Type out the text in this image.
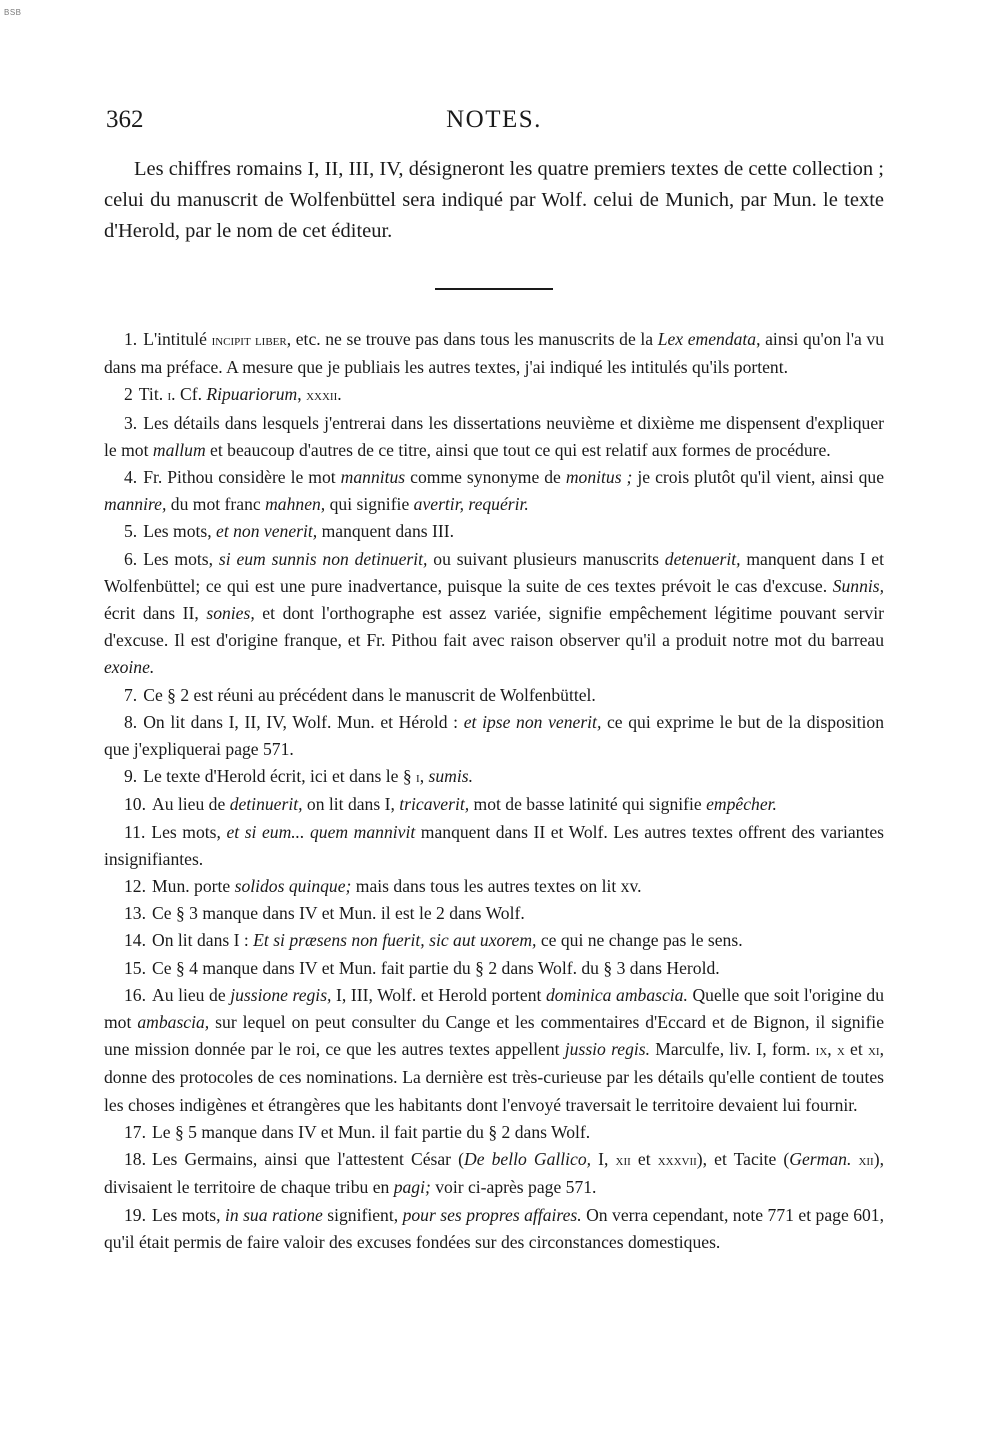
BSB
362	NOTES.

Les chiffres romains I, II, III, IV, désigneront les quatre premiers textes de cette collection ; celui du manuscrit de Wolfenbüttel sera indiqué par Wolf. celui de Munich, par Mun. le texte d'Herold, par le nom de cet éditeur.

1. L'intitulé incipit liber, etc. ne se trouve pas dans tous les manuscrits de la Lex emendata, ainsi qu'on l'a vu dans ma préface. A mesure que je publiais les autres textes, j'ai indiqué les intitulés qu'ils portent.
2 Tit. i. Cf. Ripuariorum, xxxii.
3. Les détails dans lesquels j'entrerai dans les dissertations neuvième et dixième me dispensent d'expliquer le mot mallum et beaucoup d'autres de ce titre, ainsi que tout ce qui est relatif aux formes de procédure.
4. Fr. Pithou considère le mot mannitus comme synonyme de monitus ; je crois plutôt qu'il vient, ainsi que mannire, du mot franc mahnen, qui signifie avertir, requérir.
5. Les mots, et non venerit, manquent dans III.
6. Les mots, si eum sunnis non detinuerit, ou suivant plusieurs manuscrits detenuerit, manquent dans I et Wolfenbüttel; ce qui est une pure inadvertance, puisque la suite de ces textes prévoit le cas d'excuse. Sunnis, écrit dans II, sonies, et dont l'orthographe est assez variée, signifie empêchement légitime pouvant servir d'excuse. Il est d'origine franque, et Fr. Pithou fait avec raison observer qu'il a produit notre mot du barreau exoine.
7. Ce § 2 est réuni au précédent dans le manuscrit de Wolfenbüttel.
8. On lit dans I, II, IV, Wolf. Mun. et Hérold : et ipse non venerit, ce qui exprime le but de la disposition que j'expliquerai page 571.
9. Le texte d'Herold écrit, ici et dans le § i, sumis.
10. Au lieu de detinuerit, on lit dans I, tricaverit, mot de basse latinité qui signifie empêcher.
11. Les mots, et si eum... quem mannivit manquent dans II et Wolf. Les autres textes offrent des variantes insignifiantes.
12. Mun. porte solidos quinque; mais dans tous les autres textes on lit xv.
13. Ce § 3 manque dans IV et Mun. il est le 2 dans Wolf.
14. On lit dans I : Et si præsens non fuerit, sic aut uxorem, ce qui ne change pas le sens.
15. Ce § 4 manque dans IV et Mun. fait partie du § 2 dans Wolf. du § 3 dans Herold.
16. Au lieu de jussione regis, I, III, Wolf. et Herold portent dominica ambascia. Quelle que soit l'origine du mot ambascia, sur lequel on peut consulter du Cange et les commentaires d'Eccard et de Bignon, il signifie une mission donnée par le roi, ce que les autres textes appellent jussio regis. Marculfe, liv. I, form. ix, x et xi, donne des protocoles de ces nominations. La dernière est très-curieuse par les détails qu'elle contient de toutes les choses indigènes et étrangères que les habitants dont l'envoyé traversait le territoire devaient lui fournir.
17. Le § 5 manque dans IV et Mun. il fait partie du § 2 dans Wolf.
18. Les Germains, ainsi que l'attestent César (De bello Gallico, I, xii et xxxvii), et Tacite (German. xii), divisaient le territoire de chaque tribu en pagi; voir ci-après page 571.
19. Les mots, in sua ratione signifient, pour ses propres affaires. On verra cependant, note 771 et page 601, qu'il était permis de faire valoir des excuses fondées sur des circonstances domestiques.
